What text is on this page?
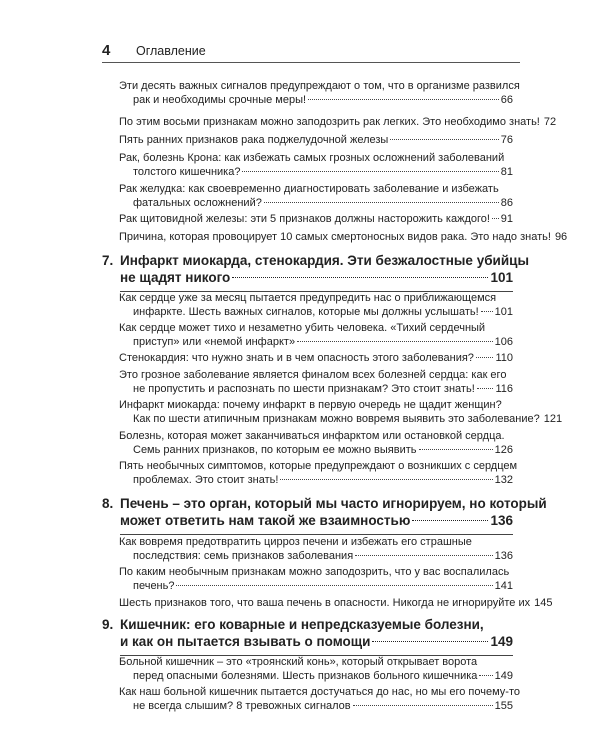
4 Оглавление
Эти десять важных сигналов предупреждают о том, что в организме развился
рак и необходимы срочные меры!	66
По этим восьми признакам можно заподозрить рак легких. Это необходимо знать! 72
Пять ранних признаков рака поджелудочной железы	76
Рак, болезнь Крона: как избежать самых грозных осложнений заболеваний
толстого кишечника?	81
Рак желудка: как своевременно диагностировать заболевание и избежать
фатальных осложнений?	86
Рак щитовидной железы: эти 5 признаков должны насторожить каждого! 91
Причина, которая провоцирует 10 самых смертоносных видов рака. Это надо знать! 96
7. Инфаркт миокарда, стенокардия. Эти безжалостные убийцы
не щадят никого	101
Как сердце уже за месяц пытается предупредить нас о приближающемся
инфаркте. Шесть важных сигналов, которые мы должны услышать! 101
Как сердце может тихо и незаметно убить человека. «Тихий сердечный
приступ» или «немой инфаркт»	106
Стенокардия: что нужно знать и в чем опасность этого заболевания? 110
Это грозное заболевание является финалом всех болезней сердца: как его
не пропустить и распознать по шести признакам? Это стоит знать! 116
Инфаркт миокарда: почему инфаркт в первую очередь не щадит женщин?
Как по шести атипичным признакам можно вовремя выявить это заболевание? 121
Болезнь, которая может заканчиваться инфарктом или остановкой сердца.
Семь ранних признаков, по которым ее можно выявить	126
Пять необычных симптомов, которые предупреждают о возникших с сердцем
проблемах. Это стоит знать!	132
8. Печень – это орган, который мы часто игнорируем, но который
может ответить нам такой же взаимностью	136
Как вовремя предотвратить цирроз печени и избежать его страшные
последствия: семь признаков заболевания	136
По каким необычным признакам можно заподозрить, что у вас воспалилась
печень?	141
Шесть признаков того, что ваша печень в опасности. Никогда не игнорируйте их 145
9. Кишечник: его коварные и непредсказуемые болезни,
и как он пытается взывать о помощи	149
Больной кишечник – это «троянский конь», который открывает ворота
перед опасными болезнями. Шесть признаков больного кишечника 149
Как наш больной кишечник пытается достучаться до нас, но мы его почему-то
не всегда слышим? 8 тревожных сигналов	155
